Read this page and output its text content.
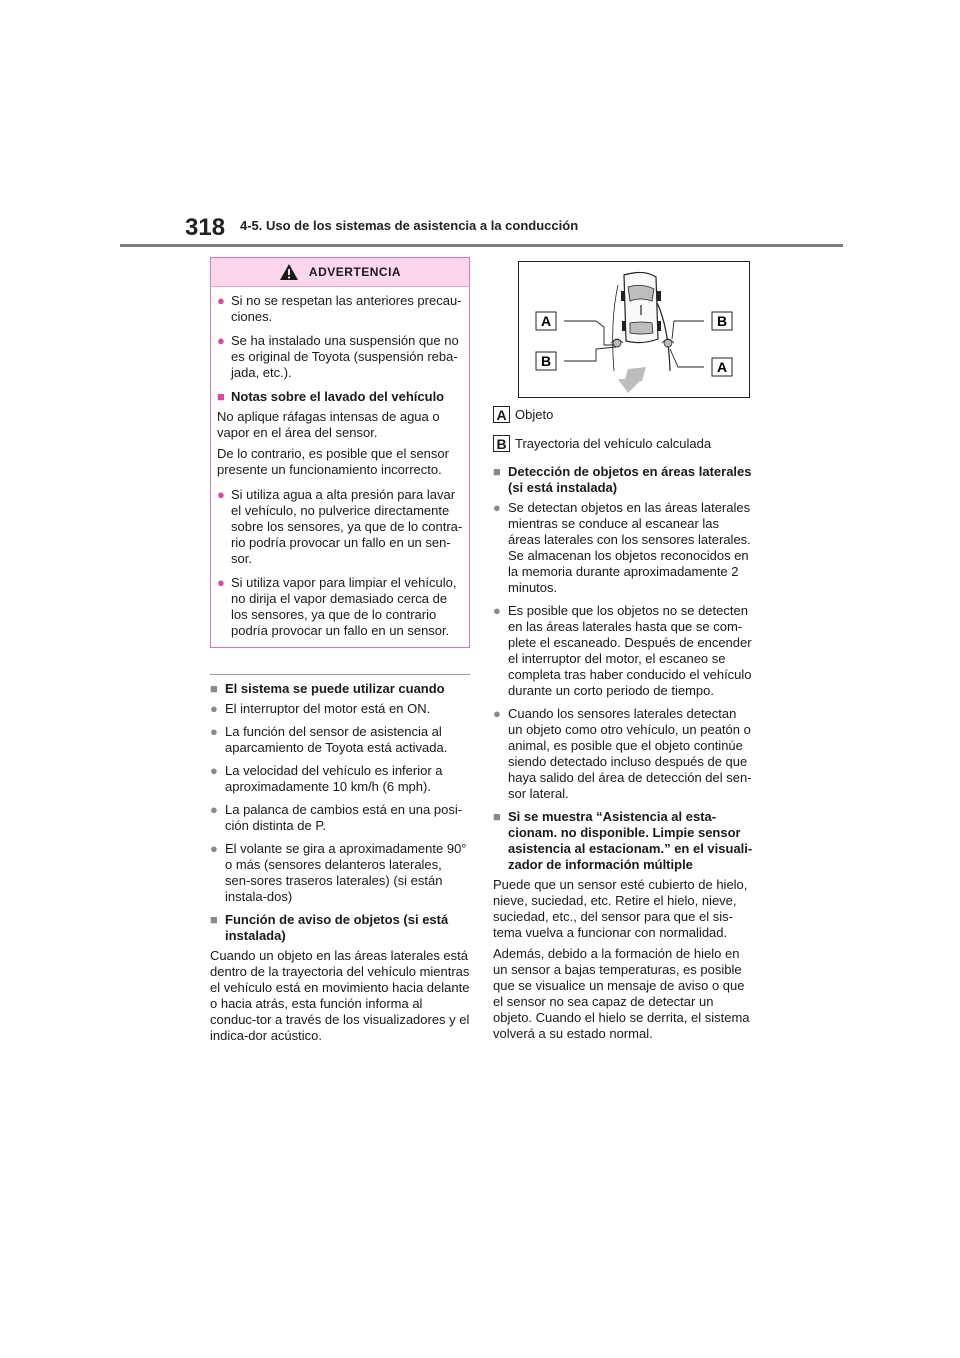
318 4-5. Uso de los sistemas de asistencia a la conducción
ADVERTENCIA
● Si no se respetan las anteriores precau-ciones.
● Se ha instalado una suspensión que no es original de Toyota (suspensión reba-jada, etc.).
■ Notas sobre el lavado del vehículo
No aplique ráfagas intensas de agua o vapor en el área del sensor.
De lo contrario, es posible que el sensor presente un funcionamiento incorrecto.
● Si utiliza agua a alta presión para lavar el vehículo, no pulverice directamente sobre los sensores, ya que de lo contra-rio podría provocar un fallo en un sen-sor.
● Si utiliza vapor para limpiar el vehículo, no dirija el vapor demasiado cerca de los sensores, ya que de lo contrario podría provocar un fallo en un sensor.
■ El sistema se puede utilizar cuando
● El interruptor del motor está en ON.
● La función del sensor de asistencia al aparcamiento de Toyota está activada.
● La velocidad del vehículo es inferior a aproximadamente 10 km/h (6 mph).
● La palanca de cambios está en una posi-ción distinta de P.
● El volante se gira a aproximadamente 90° o más (sensores delanteros laterales, sen-sores traseros laterales) (si están instala-dos)
■ Función de aviso de objetos (si está instalada)
Cuando un objeto en las áreas laterales está dentro de la trayectoria del vehículo mientras el vehículo está en movimiento hacia delante o hacia atrás, esta función informa al conduc-tor a través de los visualizadores y el indica-dor acústico.
A
B
B
A
A Objeto
B Trayectoria del vehículo calculada
■ Detección de objetos en áreas laterales (si está instalada)
● Se detectan objetos en las áreas laterales mientras se conduce al escanear las áreas laterales con los sensores laterales. Se almacenan los objetos reconocidos en la memoria durante aproximadamente 2 minutos.
● Es posible que los objetos no se detecten en las áreas laterales hasta que se com-plete el escaneado. Después de encender el interruptor del motor, el escaneo se completa tras haber conducido el vehículo durante un corto periodo de tiempo.
● Cuando los sensores laterales detectan un objeto como otro vehículo, un peatón o animal, es posible que el objeto continúe siendo detectado incluso después de que haya salido del área de detección del sen-sor lateral.
■ Si se muestra “Asistencia al esta-cionam. no disponible. Limpie sensor asistencia al estacionam.” en el visuali-zador de información múltiple
Puede que un sensor esté cubierto de hielo, nieve, suciedad, etc. Retire el hielo, nieve, suciedad, etc., del sensor para que el sis-tema vuelva a funcionar con normalidad.
Además, debido a la formación de hielo en un sensor a bajas temperaturas, es posible que se visualice un mensaje de aviso o que el sensor no sea capaz de detectar un objeto. Cuando el hielo se derrita, el sistema volverá a su estado normal.
